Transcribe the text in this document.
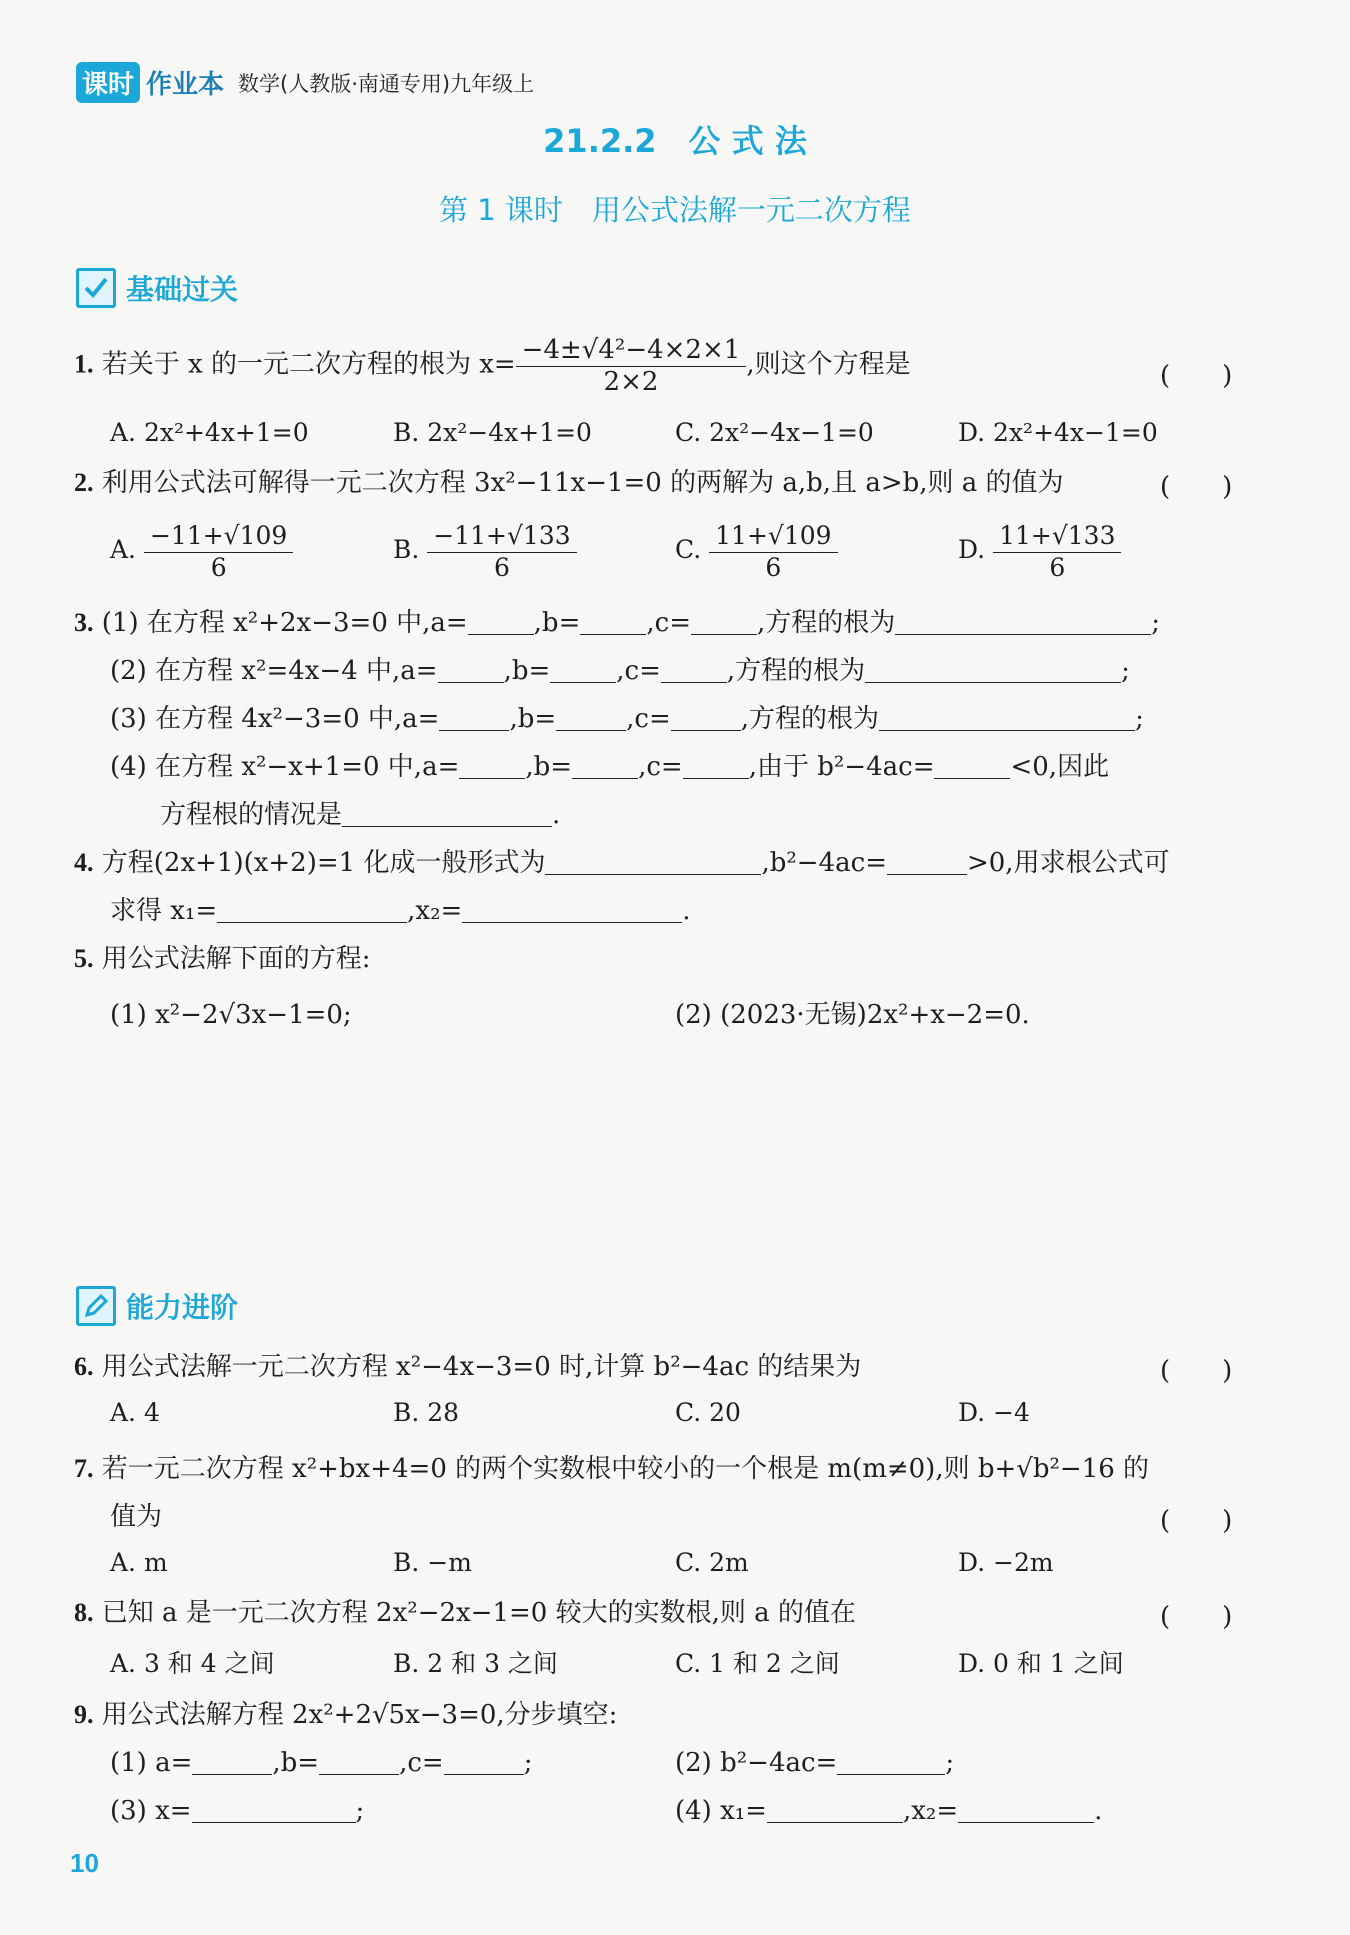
课时 作业本 数学(人教版·南通专用)九年级上
21.2.2　公 式 法
第 1 课时　用公式法解一元二次方程
基础过关
1. 若关于 x 的一元二次方程的根为 $x= \frac{\text{−4±√4²−4×2×1}}{2\times 2}$ ,则这个方程是	(　　)
A. 2x²+4x+1=0	B. 2x²−4x+1=0	C. 2x²−4x−1=0	D. 2x²+4x−1=0
2. 利用公式法可解得一元二次方程 3x²−11x−1=0 的两解为 a,b,且 a>b,则 a 的值为	(　　)
A. $\frac{-11+√109}{6}$	B. $\frac{-11+√133}{6}$	C. $\frac{11+√109}{6}$	D. $\frac{11+√133}{6}$
3. (1) 在方程 x²+2x−3=0 中,a=	,b=	,c=	,方程的根为	;
(2) 在方程 x²=4x−4 中,a=	,b=	,c=	,方程的根为	;
(3) 在方程 4x²−3=0 中,a=	,b=	,c=	,方程的根为	;
(4) 在方程 x²−x+1=0 中,a=	,b=	,c=	,由于 b²−4ac=	<0,因此
方程根的情况是	.
4. 方程(2x+1)(x+2)=1 化成一般形式为	,b²−4ac=	>0,用求根公式可
求得 x₁=	,x₂=	.
5. 用公式法解下面的方程:
(1) x²−2√3x−1=0;	(2) (2023·无锡)2x²+x−2=0.
能力进阶
6. 用公式法解一元二次方程 x²−4x−3=0 时,计算 b²−4ac 的结果为	(　　)
A. 4	B. 28	C. 20	D. −4
7. 若一元二次方程 x²+bx+4=0 的两个实数根中较小的一个根是 m(m≠0),则 b+√b²−16 的
值为	(　　)
A. m	B. −m	C. 2m	D. −2m
8. 已知 a 是一元二次方程 2x²−2x−1=0 较大的实数根,则 a 的值在	(　　)
A. 3 和 4 之间	B. 2 和 3 之间	C. 1 和 2 之间	D. 0 和 1 之间
9. 用公式法解方程 2x²+2√5x−3=0,分步填空:
(1) a=	,b=	,c=	;	(2) b²−4ac=	;
(3) x=	;	(4) x₁=	,x₂=	.
10
